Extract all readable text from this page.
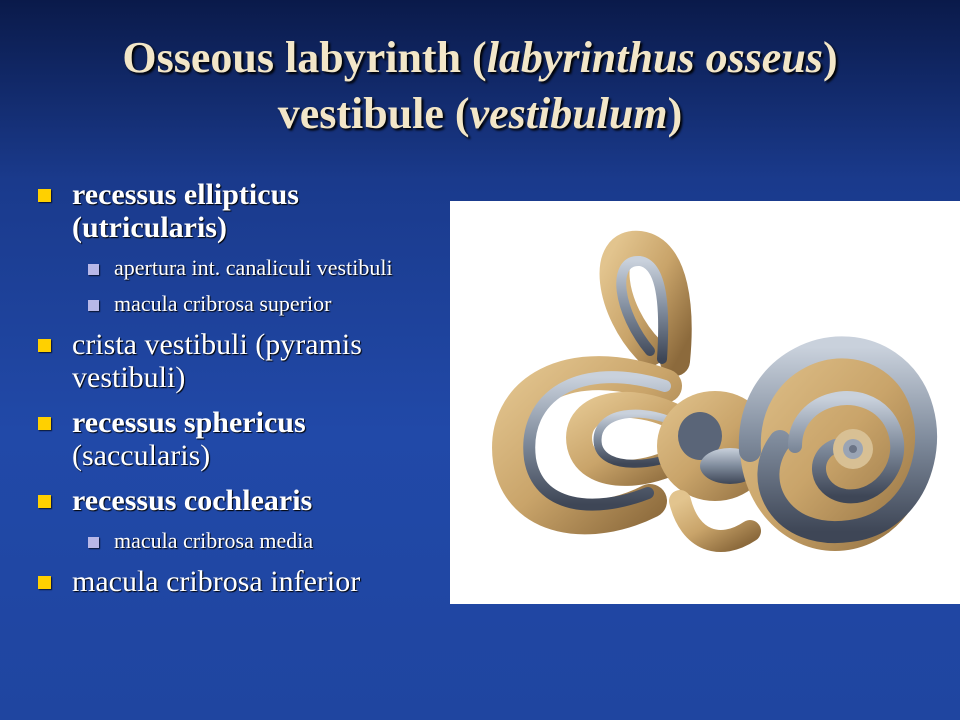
Osseous labyrinth (labyrinthus osseus)
vestibule (vestibulum)
recessus ellipticus
(utricularis)
apertura int. canaliculi vestibuli
macula cribrosa superior
crista vestibuli (pyramis vestibuli)
recessus sphericus
(saccularis)
recessus cochlearis
macula cribrosa media
macula cribrosa inferior
